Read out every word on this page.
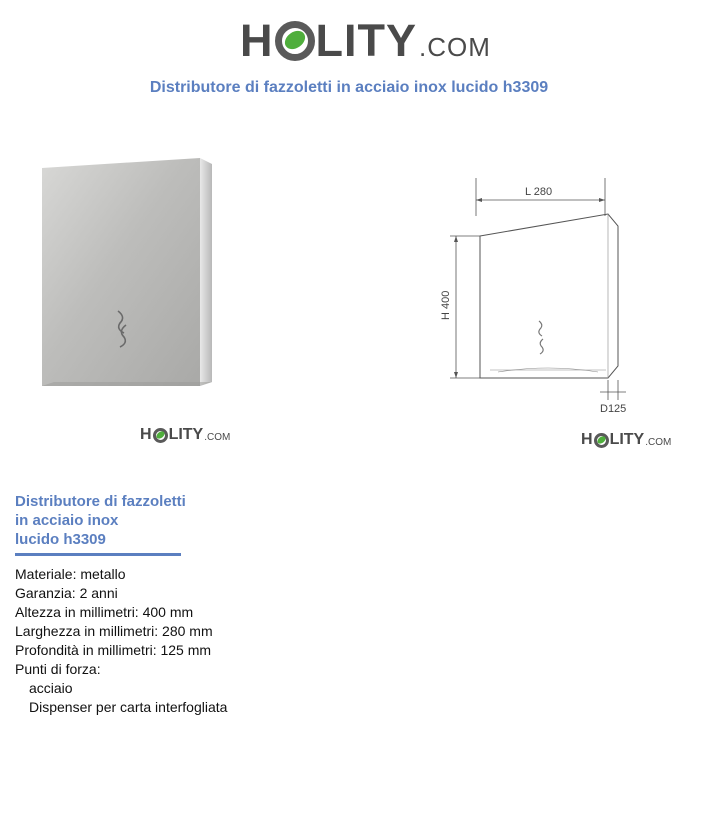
H LITY .COM
Distributore di fazzoletti in acciaio inox lucido h3309
H LITY .COM
L 280
H 400
D125
H LITY .COM
Distributore di fazzoletti
in acciaio inox
lucido h3309
Materiale: metallo
Garanzia: 2 anni
Altezza in millimetri: 400 mm
Larghezza in millimetri: 280 mm
Profondità in millimetri: 125 mm
Punti di forza:
acciaio
Dispenser per carta interfogliata
